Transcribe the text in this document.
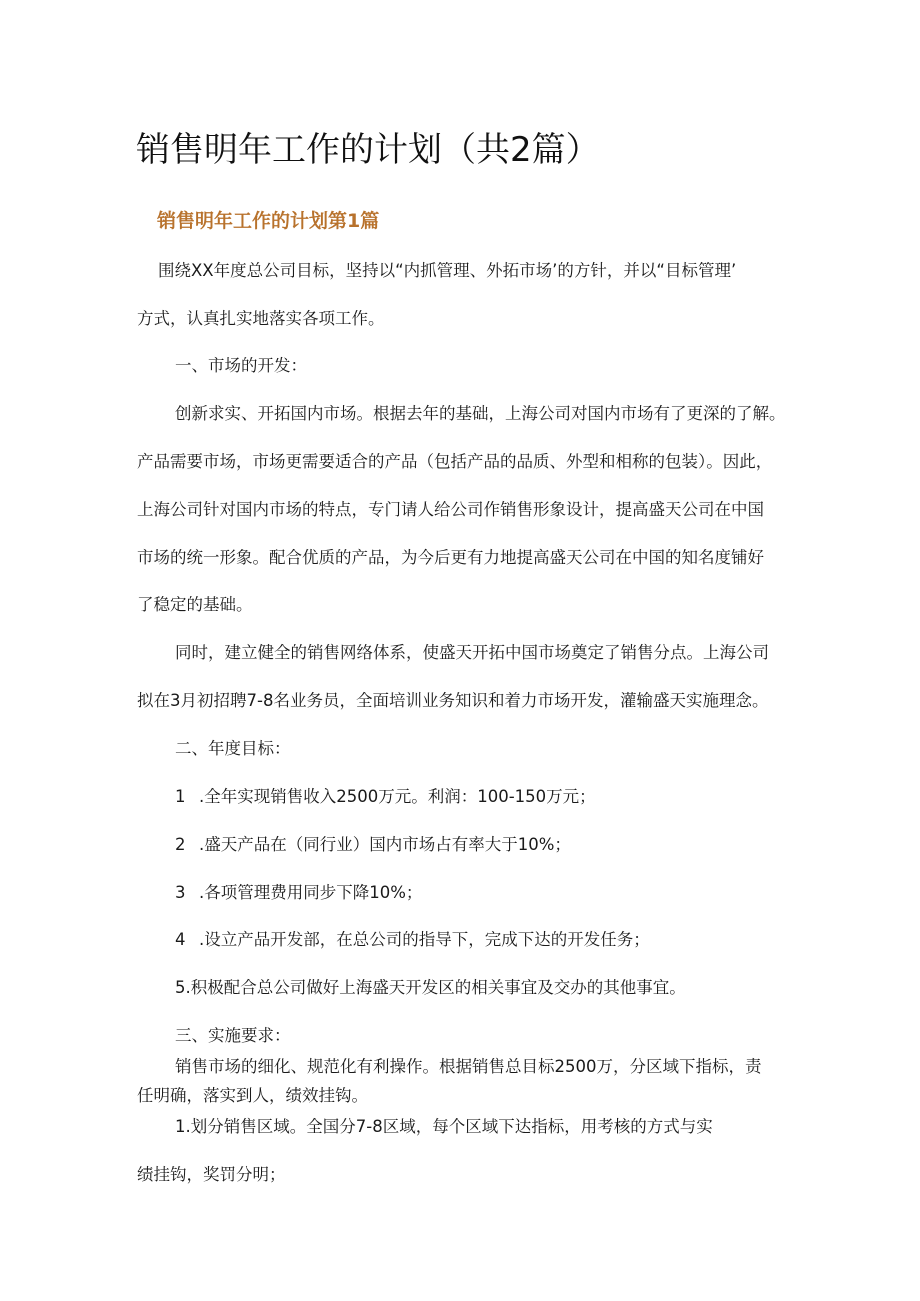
销售明年工作的计划（共2篇）
销售明年工作的计划第1篇

围绕XX年度总公司目标，坚持以“内抓管理、外拓市场’的方针，并以“目标管理’

方式，认真扎实地落实各项工作。

一、市场的开发：

创新求实、开拓国内市场。根据去年的基础，上海公司对国内市场有了更深的了解。

产品需要市场，市场更需要适合的产品（包括产品的品质、外型和相称的包装）。因此，

上海公司针对国内市场的特点，专门请人给公司作销售形象设计，提高盛天公司在中国

市场的统一形象。配合优质的产品，为今后更有力地提高盛天公司在中国的知名度铺好

了稳定的基础。

同时，建立健全的销售网络体系，使盛天开拓中国市场奠定了销售分点。上海公司

拟在3月初招聘7-8名业务员，全面培训业务知识和着力市场开发，灌输盛天实施理念。

二、年度目标：

1 .全年实现销售收入2500万元。利润：100-150万元；

2 .盛天产品在（同行业）国内市场占有率大于10%；

3 .各项管理费用同步下降10%；

4 .设立产品开发部，在总公司的指导下，完成下达的开发任务；

5.积极配合总公司做好上海盛天开发区的相关事宜及交办的其他事宜。

三、实施要求：

销售市场的细化、规范化有利操作。根据销售总目标2500万，分区域下指标，责

任明确，落实到人，绩效挂钩。

1.划分销售区域。全国分7-8区域，每个区域下达指标，用考核的方式与实

绩挂钩，奖罚分明；
